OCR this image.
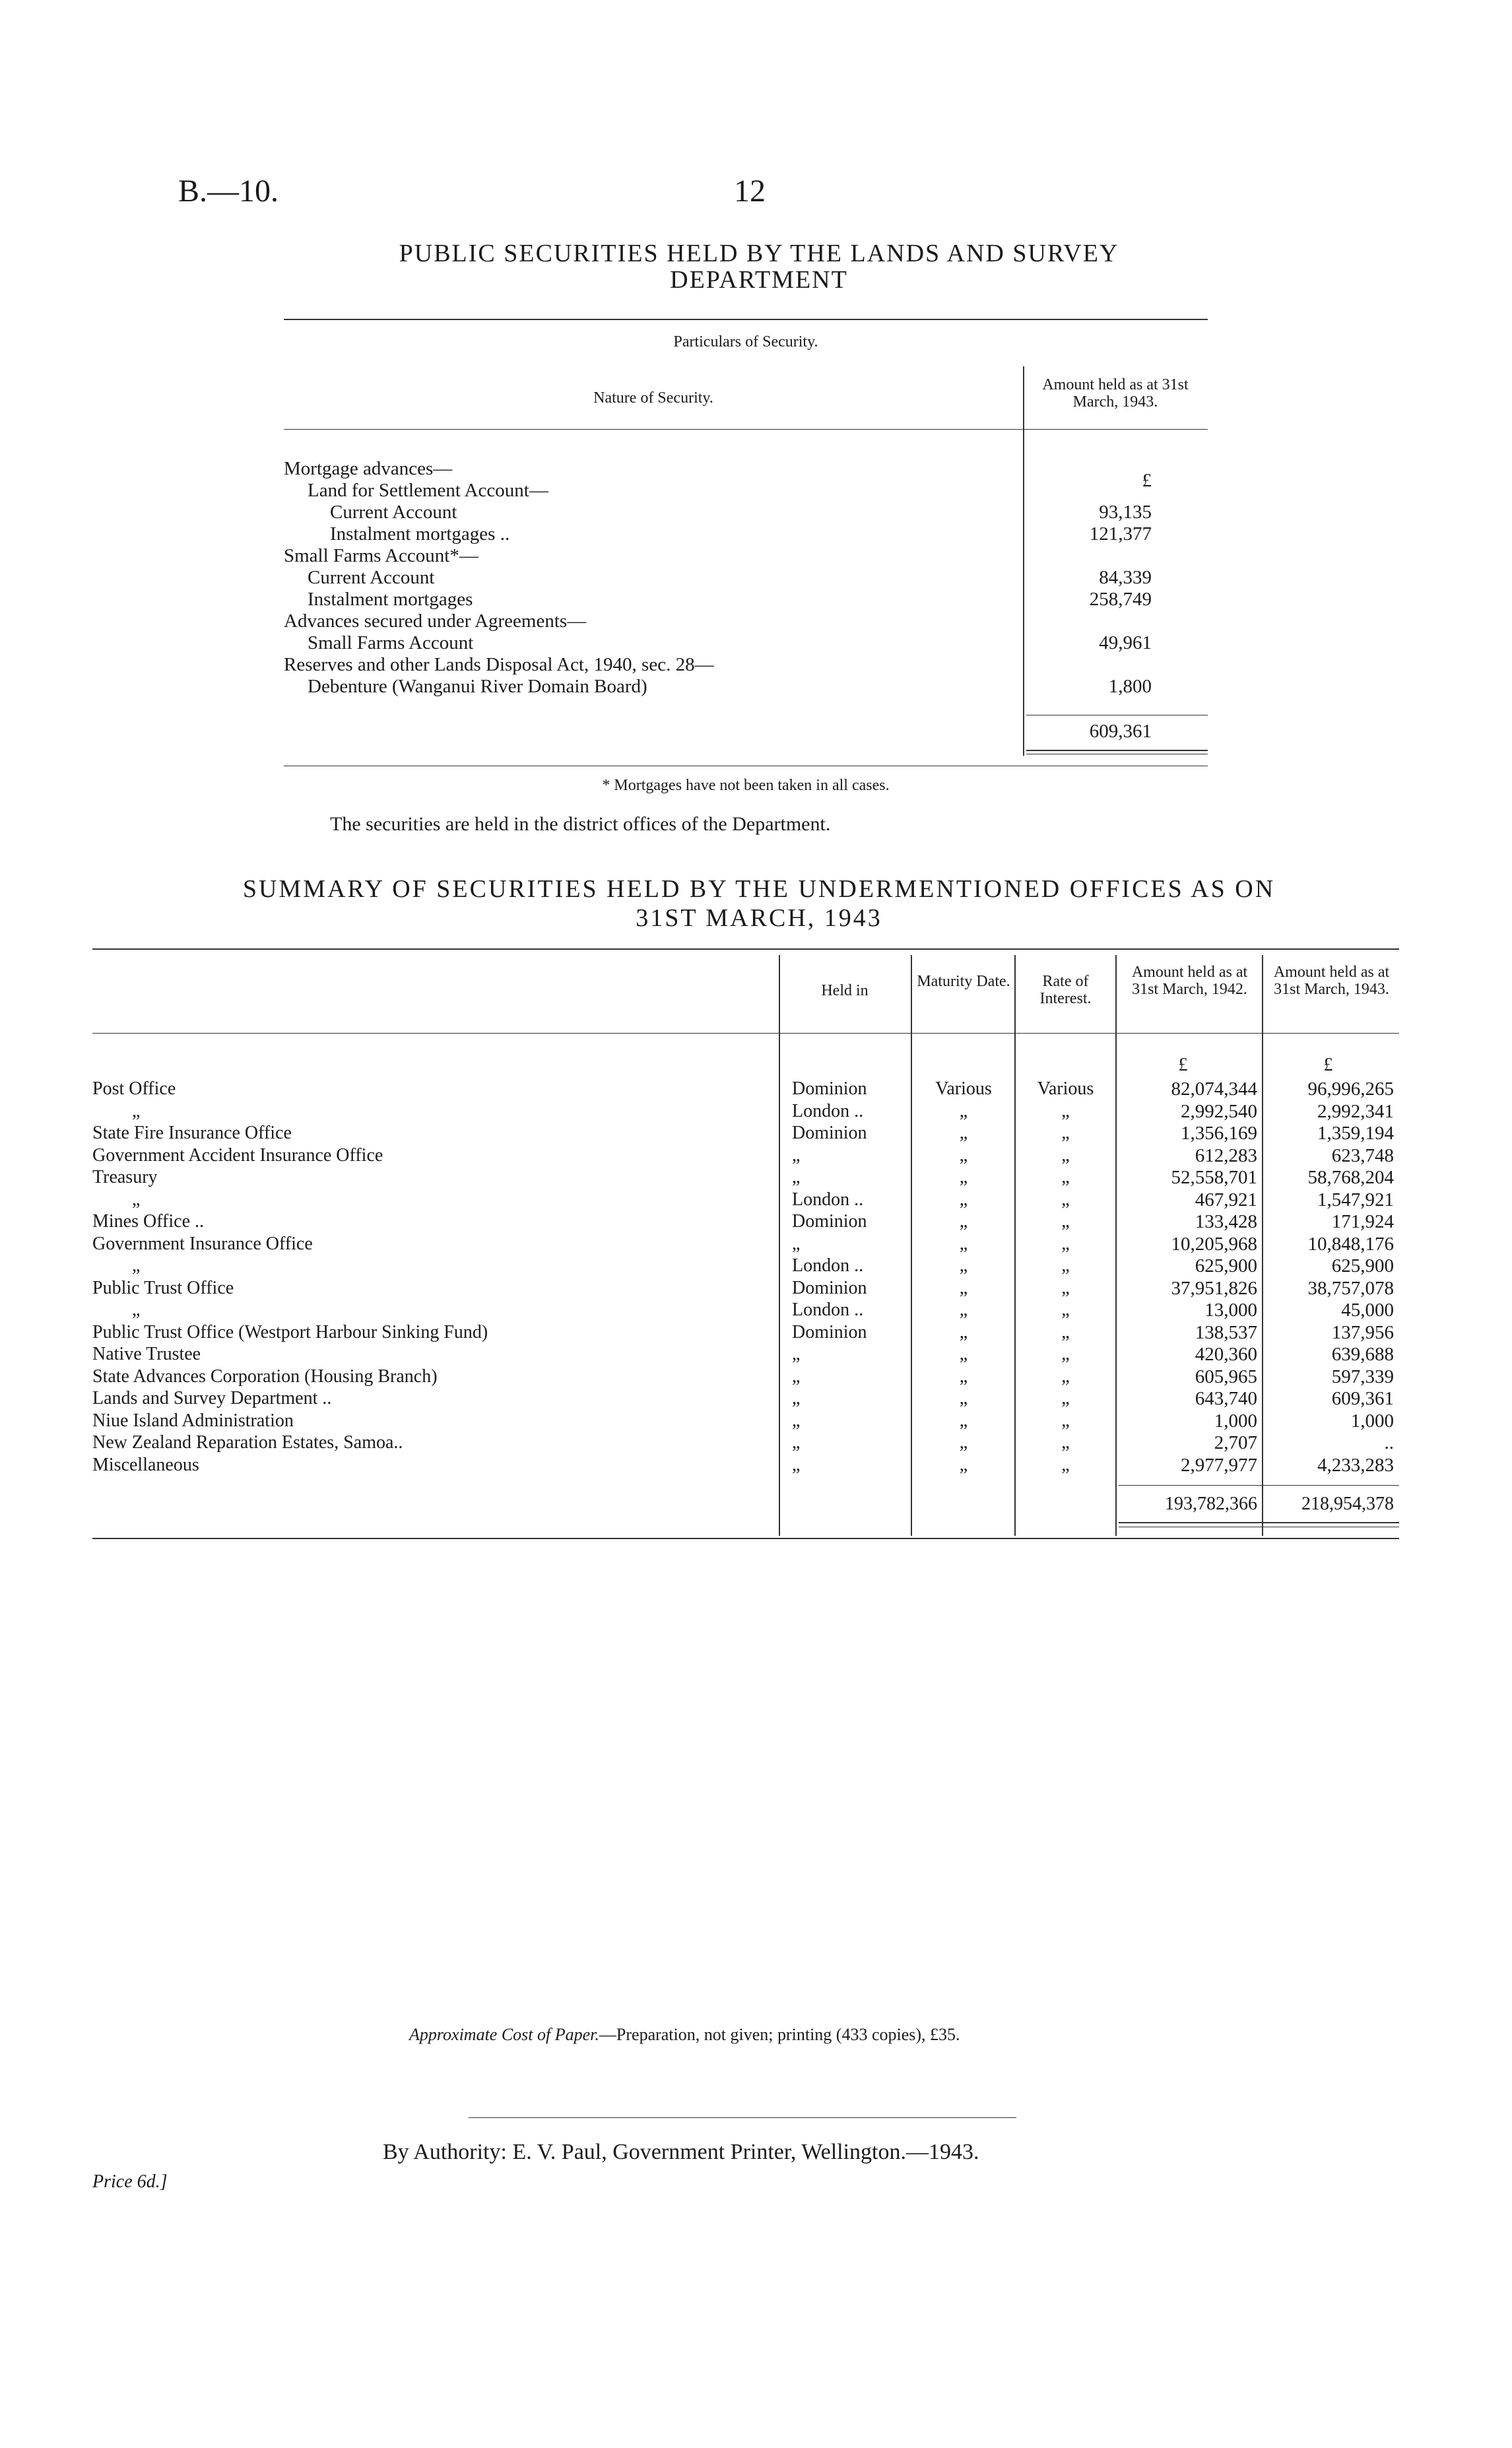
B.—10.	12
PUBLIC SECURITIES HELD BY THE LANDS AND SURVEY DEPARTMENT
Particulars of Security.
Nature of Security.
Amount held as at 31st March, 1943.
£
Mortgage advances—
Land for Settlement Account—
Current Account	93,135
Instalment mortgages ..	121,377
Small Farms Account*—
Current Account	84,339
Instalment mortgages	258,749
Advances secured under Agreements—
Small Farms Account	49,961
Reserves and other Lands Disposal Act, 1940, sec. 28—
Debenture (Wanganui River Domain Board)	1,800
609,361
* Mortgages have not been taken in all cases.
The securities are held in the district offices of the Department.
SUMMARY OF SECURITIES HELD BY THE UNDERMENTIONED OFFICES AS ON
31ST MARCH, 1943
Held in
Maturity Date.	Rate of Interest.
Amount held as at 31st March, 1942.
Amount held as at 31st March, 1943.
£	£
Post Office	Dominion	Various	Various	82,074,344	96,996,265
„	London ..	„	„	2,992,540	2,992,341
State Fire Insurance Office	Dominion	„	„	1,356,169	1,359,194
Government Accident Insurance Office	„	„	„	612,283	623,748
Treasury	„	„	„	52,558,701	58,768,204
„	London ..	„	„	467,921	1,547,921
Mines Office ..	Dominion	„	„	133,428	171,924
Government Insurance Office	„	„	„	10,205,968	10,848,176
„	London ..	„	„	625,900	625,900
Public Trust Office	Dominion	„	„	37,951,826	38,757,078
„	London ..	„	„	13,000	45,000
Public Trust Office (Westport Harbour Sinking Fund)	Dominion	„	„	138,537	137,956
Native Trustee	„	„	„	420,360	639,688
State Advances Corporation (Housing Branch)	„	„	„	605,965	597,339
Lands and Survey Department ..	„	„	„	643,740	609,361
Niue Island Administration	„	„	„	1,000	1,000
New Zealand Reparation Estates, Samoa..	„	„	„	2,707	..
Miscellaneous	„	„	„	2,977,977	4,233,283
193,782,366	218,954,378
Approximate Cost of Paper.—Preparation, not given; printing (433 copies), £35.
By Authority: E. V. Paul, Government Printer, Wellington.—1943.
Price 6d.]
